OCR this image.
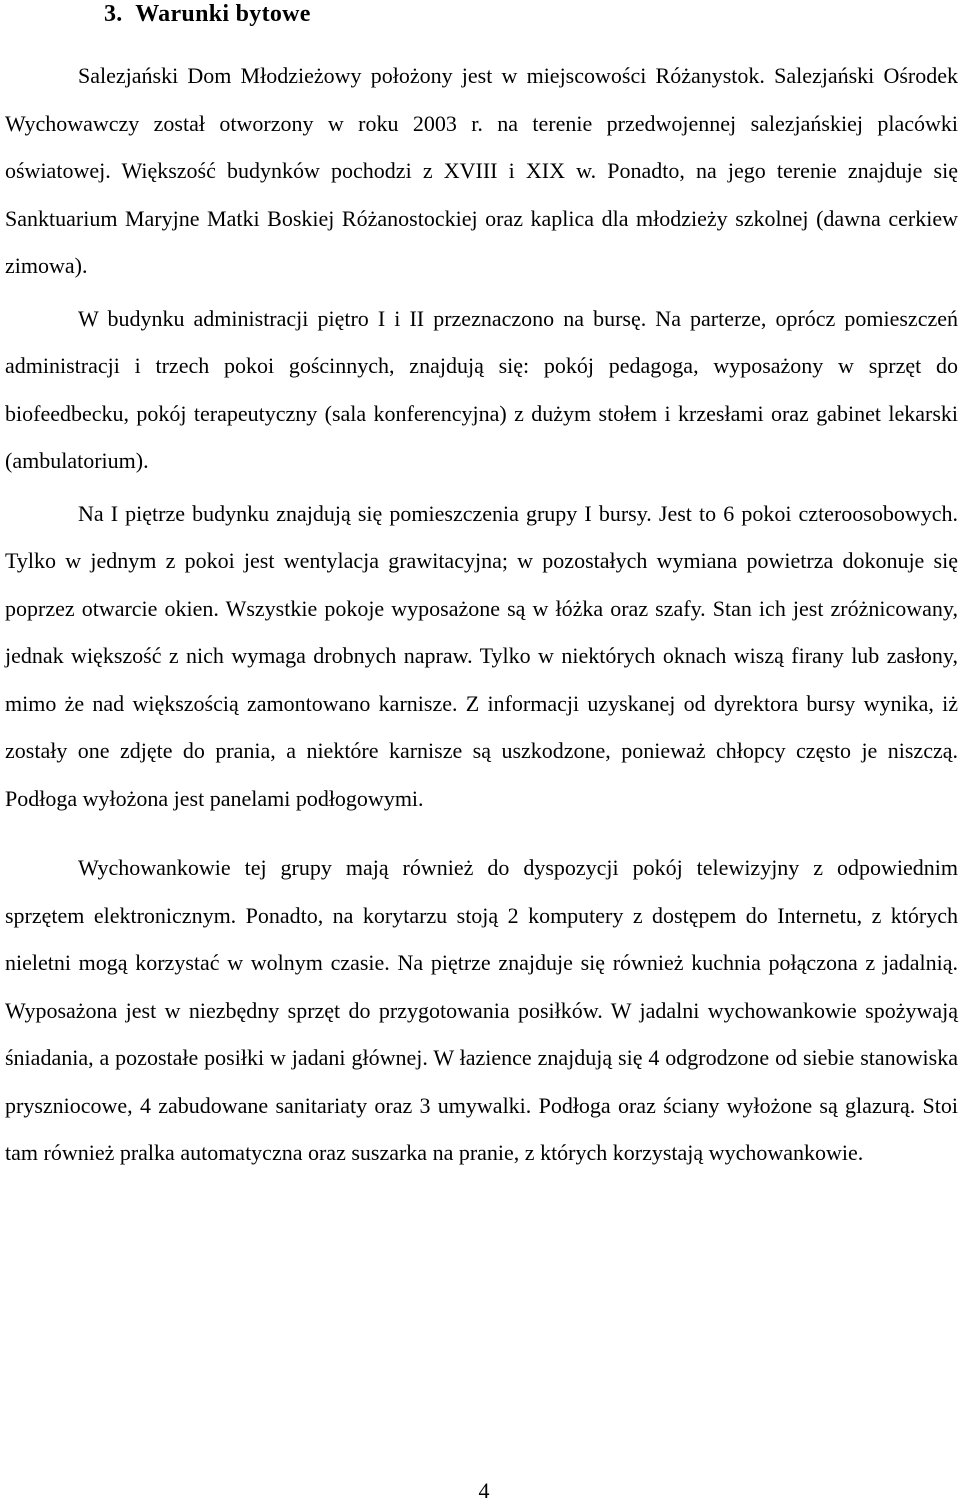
3.  Warunki bytowe

Salezjański Dom Młodzieżowy położony jest w miejscowości Różanystok. Salezjański Ośrodek Wychowawczy został otworzony w roku 2003 r. na terenie przedwojennej salezjańskiej placówki oświatowej. Większość budynków pochodzi z XVIII i XIX w. Ponadto, na jego terenie znajduje się Sanktuarium Maryjne Matki Boskiej Różanostockiej oraz kaplica dla młodzieży szkolnej (dawna cerkiew zimowa).

W budynku administracji piętro I i II przeznaczono na bursę. Na parterze, oprócz pomieszczeń administracji i trzech pokoi gościnnych, znajdują się: pokój pedagoga, wyposażony w sprzęt do biofeedbecku, pokój terapeutyczny (sala konferencyjna) z dużym stołem i krzesłami oraz gabinet lekarski (ambulatorium).

Na I piętrze budynku znajdują się pomieszczenia grupy I bursy. Jest to 6 pokoi czteroosobowych. Tylko w jednym z pokoi jest wentylacja grawitacyjna; w pozostałych wymiana powietrza dokonuje się poprzez otwarcie okien. Wszystkie pokoje wyposażone są w łóżka oraz szafy. Stan ich jest zróżnicowany, jednak większość z nich wymaga drobnych napraw. Tylko w niektórych oknach wiszą firany lub zasłony, mimo że nad większością zamontowano karnisze. Z informacji uzyskanej od dyrektora bursy wynika, iż zostały one zdjęte do prania, a niektóre karnisze są uszkodzone, ponieważ chłopcy często je niszczą. Podłoga wyłożona jest panelami podłogowymi.

Wychowankowie tej grupy mają również do dyspozycji pokój telewizyjny z odpowiednim sprzętem elektronicznym. Ponadto, na korytarzu stoją 2 komputery z dostępem do Internetu, z których nieletni mogą korzystać w wolnym czasie. Na piętrze znajduje się również kuchnia połączona z jadalnią. Wyposażona jest w niezbędny sprzęt do przygotowania posiłków. W jadalni wychowankowie spożywają śniadania, a pozostałe posiłki w jadani głównej. W łazience znajdują się 4 odgrodzone od siebie stanowiska pryszniocowe, 4 zabudowane sanitariaty oraz 3 umywalki. Podłoga oraz ściany wyłożone są glazurą. Stoi tam również pralka automatyczna oraz suszarka na pranie, z których korzystają wychowankowie.

4
